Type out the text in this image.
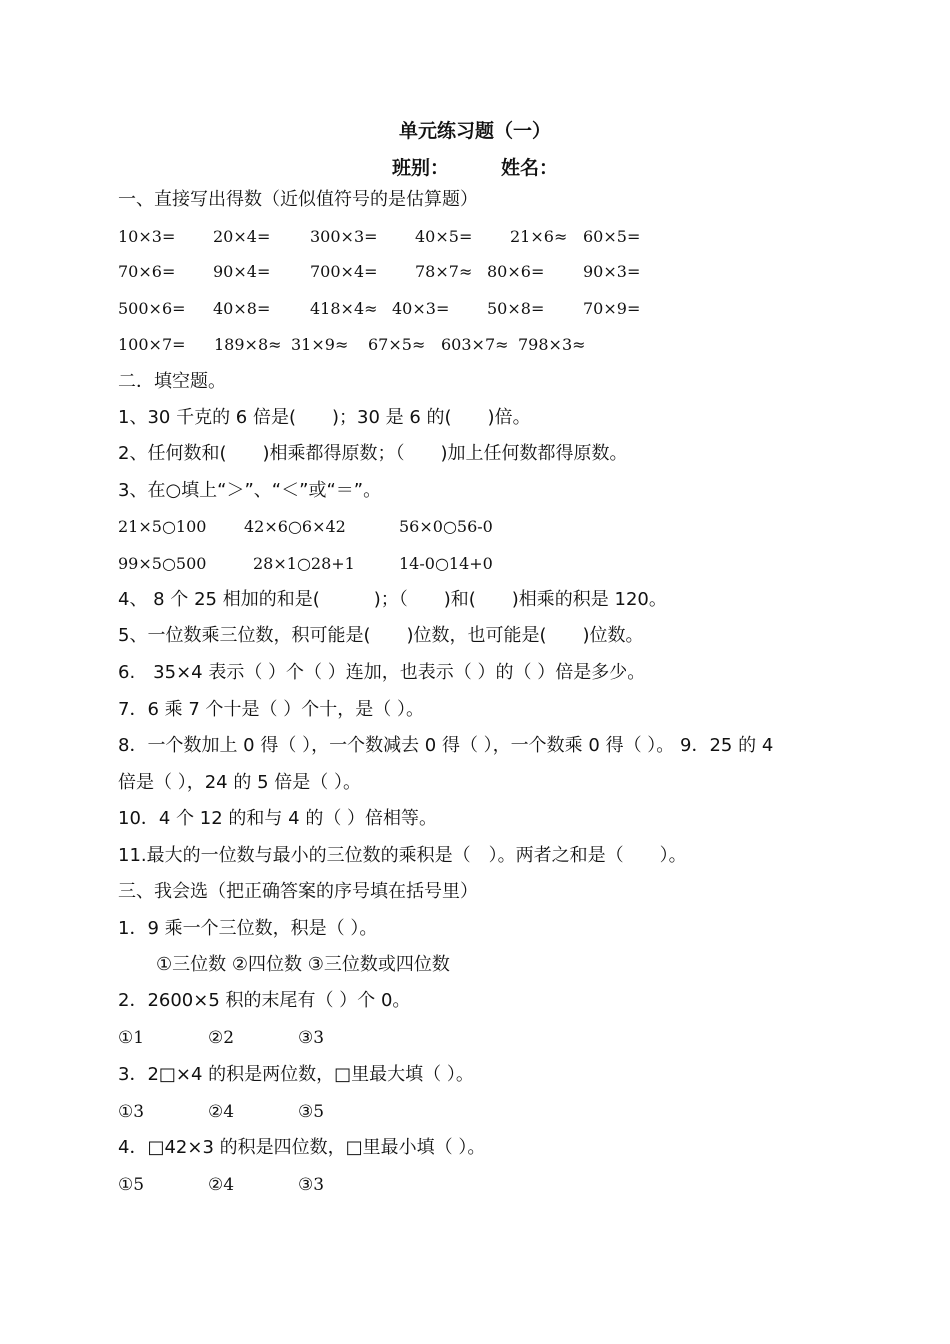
单元练习题（一）
班别：	姓名：
一、直接写出得数（近似值符号的是估算题）
10×3= 20×4= 300×3= 40×5= 21×6≈ 60×5=
70×6= 90×4= 700×4= 78×7≈ 80×6= 90×3=
500×6= 40×8= 418×4≈ 40×3= 50×8= 70×9=
100×7= 189×8≈ 31×9≈ 67×5≈ 603×7≈ 798×3≈
二．填空题。
1、30 千克的 6 倍是(　　)；30 是 6 的(　　)倍。
2、任何数和(　　)相乘都得原数；（　　)加上任何数都得原数。
3、在○填上“＞”、“＜”或“＝”。
21×5○100 42×6○6×42	56×0○56-0
99×5○500	28×1○28+1	14-0○14+0
4、 8 个 25 相加的和是(　　　)；（　　)和(　　)相乘的积是 120。
5、一位数乘三位数，积可能是(　　)位数，也可能是(　　)位数。
6.　35×4 表示（ ）个（ ）连加，也表示（ ）的（ ）倍是多少。
7．6 乘 7 个十是（ ）个十，是（ ）。
8．一个数加上 0 得（ ），一个数减去 0 得（ ），一个数乘 0 得（ ）。 9．25 的 4
倍是（ ），24 的 5 倍是（ ）。
10．4 个 12 的和与 4 的（ ）倍相等。
11.最大的一位数与最小的三位数的乘积是（　）。两者之和是（　　）。
三、我会选（把正确答案的序号填在括号里）
1．9 乘一个三位数，积是（ ）。
①三位数 ②四位数 ③三位数或四位数
2．2600×5 积的末尾有（ ）个 0。
①1	②2	③3
3．2□×4 的积是两位数，□里最大填（ ）。
①3	②4	③5
4．□42×3 的积是四位数，□里最小填（ ）。
①5	②4	③3
